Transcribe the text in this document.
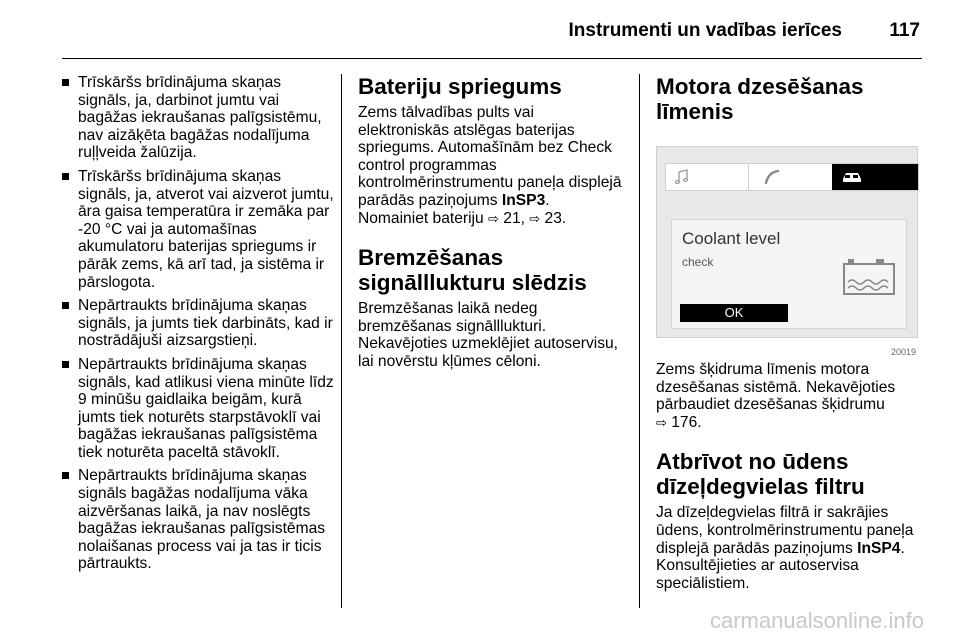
Instrumenti un vadības ierīces 117
Trīskāršs brīdinājuma skaņas signāls, ja, darbinot jumtu vai bagāžas iekraušanas palīgsistēmu, nav aizāķēta bagāžas nodalījuma ruļļveida žalūzija.
Trīskāršs brīdinājuma skaņas signāls, ja, atverot vai aizverot jumtu, āra gaisa temperatūra ir zemāka par -20 °C vai ja automašīnas akumulatoru baterijas spriegums ir pārāk zems, kā arī tad, ja sistēma ir pārslogota.
Nepārtraukts brīdinājuma skaņas signāls, ja jumts tiek darbināts, kad ir nostrādājuši aizsargstieņi.
Nepārtraukts brīdinājuma skaņas signāls, kad atlikusi viena minūte līdz 9 minūšu gaidlaika beigām, kurā jumts tiek noturēts starpstāvoklī vai bagāžas iekraušanas palīgsistēma tiek noturēta paceltā stāvoklī.
Nepārtraukts brīdinājuma skaņas signāls bagāžas nodalījuma vāka aizvēršanas laikā, ja nav noslēgts bagāžas iekraušanas palīgsistēmas nolaišanas process vai ja tas ir ticis pārtraukts.
Bateriju spriegums

Zems tālvadības pults vai elektroniskās atslēgas baterijas spriegums. Automašīnām bez Check control programmas kontrolmērinstrumentu paneļa displejā parādās paziņojums InSP3. Nomainiet bateriju ⇨ 21, ⇨ 23.

Bremzēšanas
signālllukturu slēdzis

Bremzēšanas laikā nedeg bremzēšanas signālllukturi. Nekavējoties uzmeklējiet autoservisu, lai novērstu kļūmes cēloni.

Motora dzesēšanas
līmenis
Coolant level
check
OK
20019

Zems šķidruma līmenis motora dzesēšanas sistēmā. Nekavējoties pārbaudiet dzesēšanas šķidrumu
⇨ 176.

Atbrīvot no ūdens
dīzeļdegvielas filtru

Ja dīzeļdegvielas filtrā ir sakrājies ūdens, kontrolmērinstrumentu paneļa displejā parādās paziņojums InSP4. Konsultējieties ar autoservisa speciālistiem.

carmanualsonline.info
